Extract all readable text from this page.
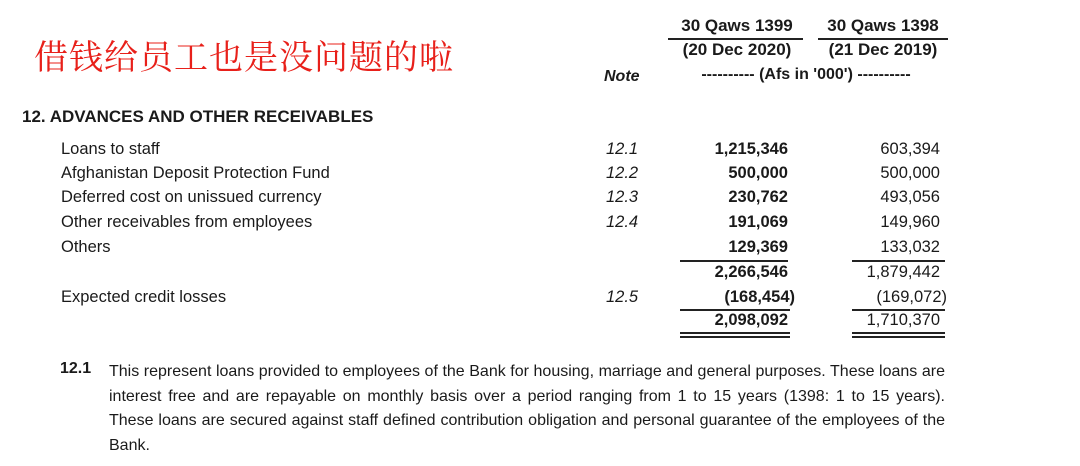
借钱给员工也是没问题的啦
30 Qaws 1399
(20 Dec 2020)
30 Qaws 1398
(21 Dec 2019)
Note	---------- (Afs in '000') ----------
12. ADVANCES AND OTHER RECEIVABLES
Loans to staff	12.1	1,215,346	603,394
Afghanistan Deposit Protection Fund	12.2	500,000	500,000
Deferred cost on unissued currency	12.3	230,762	493,056
Other receivables from employees	12.4	191,069	149,960
Others	129,369	133,032
2,266,546	1,879,442
Expected credit losses	12.5	(168,454)	(169,072)
2,098,092	1,710,370
12.1 This represent loans provided to employees of the Bank for housing, marriage and general purposes. These loans are interest free and are repayable on monthly basis over a period ranging from 1 to 15 years (1398: 1 to 15 years). These loans are secured against staff defined contribution obligation and personal guarantee of the employees of the Bank.
